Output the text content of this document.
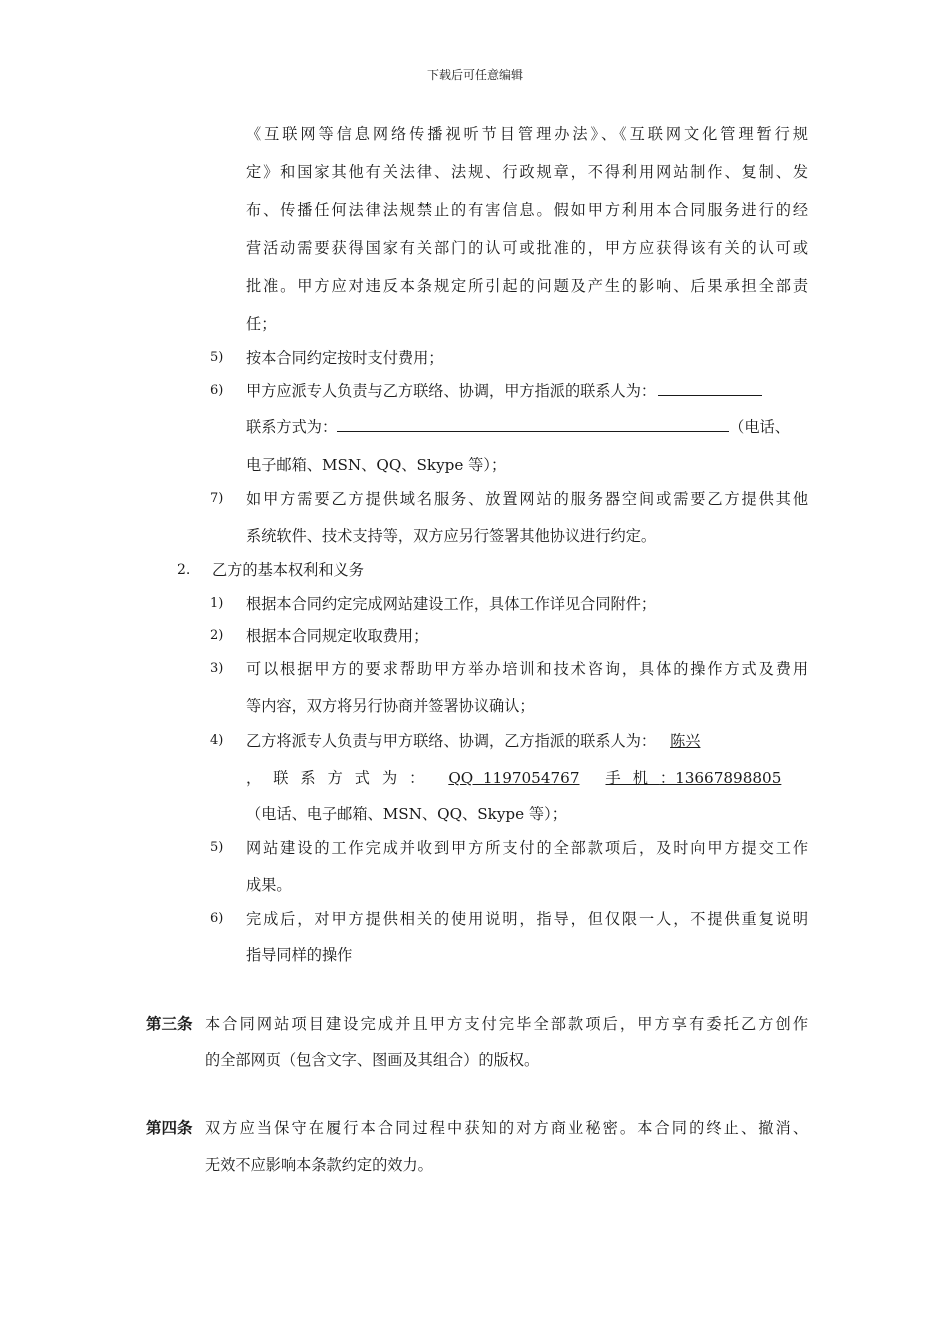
下载后可任意编辑
《互联网等信息网络传播视听节目管理办法》、《互联网文化管理暂行规
定》和国家其他有关法律、法规、行政规章，不得利用网站制作、复制、发
布、传播任何法律法规禁止的有害信息。假如甲方利用本合同服务进行的经
营活动需要获得国家有关部门的认可或批准的，甲方应获得该有关的认可或
批准。甲方应对违反本条规定所引起的问题及产生的影响、后果承担全部责
任；
5) 按本合同约定按时支付费用；
6) 甲方应派专人负责与乙方联络、协调，甲方指派的联系人为：
联系方式为：	（电话、
电子邮箱、MSN、QQ、Skype 等）；
7) 如甲方需要乙方提供域名服务、放置网站的服务器空间或需要乙方提供其他
系统软件、技术支持等，双方应另行签署其他协议进行约定。
2. 乙方的基本权利和义务
1) 根据本合同约定完成网站建设工作，具体工作详见合同附件；
2) 根据本合同规定收取费用；
3) 可以根据甲方的要求帮助甲方举办培训和技术咨询，具体的操作方式及费用
等内容，双方将另行协商并签署协议确认；
4) 乙方将派专人负责与甲方联络、协调，乙方指派的联系人为： 陈兴
，联系方式为： QQ  1197054767 手机：13667898805
（电话、电子邮箱、MSN、QQ、Skype 等）；
5) 网站建设的工作完成并收到甲方所支付的全部款项后，及时向甲方提交工作
成果。
6) 完成后，对甲方提供相关的使用说明，指导，但仅限一人，不提供重复说明
指导同样的操作
第三条 本合同网站项目建设完成并且甲方支付完毕全部款项后，甲方享有委托乙方创作
的全部网页（包含文字、图画及其组合）的版权。
第四条 双方应当保守在履行本合同过程中获知的对方商业秘密。本合同的终止、撤消、
无效不应影响本条款约定的效力。
